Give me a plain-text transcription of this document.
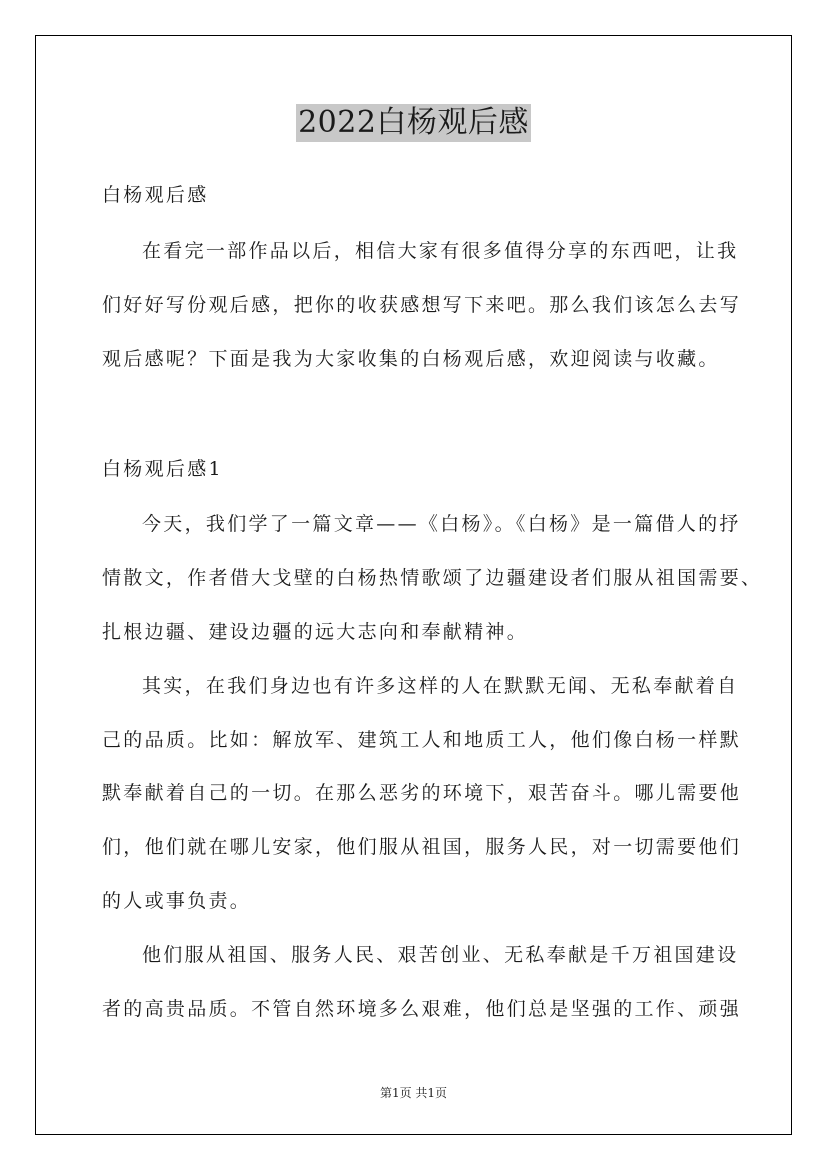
2022白杨观后感
白杨观后感
在看完一部作品以后，相信大家有很多值得分享的东西吧，让我
们好好写份观后感，把你的收获感想写下来吧。那么我们该怎么去写
观后感呢？下面是我为大家收集的白杨观后感，欢迎阅读与收藏。
白杨观后感1
今天，我们学了一篇文章——《白杨》。《白杨》是一篇借人的抒
情散文，作者借大戈壁的白杨热情歌颂了边疆建设者们服从祖国需要、
扎根边疆、建设边疆的远大志向和奉献精神。
其实，在我们身边也有许多这样的人在默默无闻、无私奉献着自
己的品质。比如：解放军、建筑工人和地质工人，他们像白杨一样默
默奉献着自己的一切。在那么恶劣的环境下，艰苦奋斗。哪儿需要他
们，他们就在哪儿安家，他们服从祖国，服务人民，对一切需要他们
的人或事负责。
他们服从祖国、服务人民、艰苦创业、无私奉献是千万祖国建设
者的高贵品质。不管自然环境多么艰难，他们总是坚强的工作、顽强
第1页 共1页
